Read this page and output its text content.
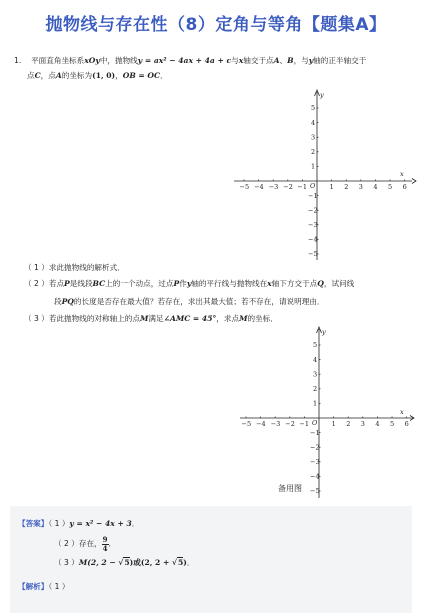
抛物线与存在性（8）定角与等角【题集A】
1. 平面直角坐标系xOy中，抛物线y = ax² − 4ax + 4a + c与x轴交于点A、B，与y轴的正半轴交于
点C，点A的坐标为(1, 0)，OB = OC．
−5 −4 −3 −2	1 2 3 4 5 6
−1
5
4
3
2
1
−1
−2
−3
−4
−5
x
y
O
（ 1 ）求此抛物线的解析式．
（ 2 ）若点P是线段BC上的一个动点，过点P作y轴的平行线与抛物线在x轴下方交于点Q，试问线
段PQ的长度是否存在最大值？若存在，求出其最大值；若不存在，请说明理由．
（ 3 ）若此抛物线的对称轴上的点M满足∠AMC = 45°，求点M的坐标．
−5 −4 −3 −2	1 2 3 4 5 6
−1
5
4
3
2
1
−1
−2
−3
−4
−5
x
y
O
备用图
【答案】（ 1 ）y = x² − 4x + 3．
（ 2 ）存在， $\frac{9}{4}$ ．
（ 3 ）M(2, 2 − √5)或(2, 2 + √5)．
【解析】（ 1 ）
